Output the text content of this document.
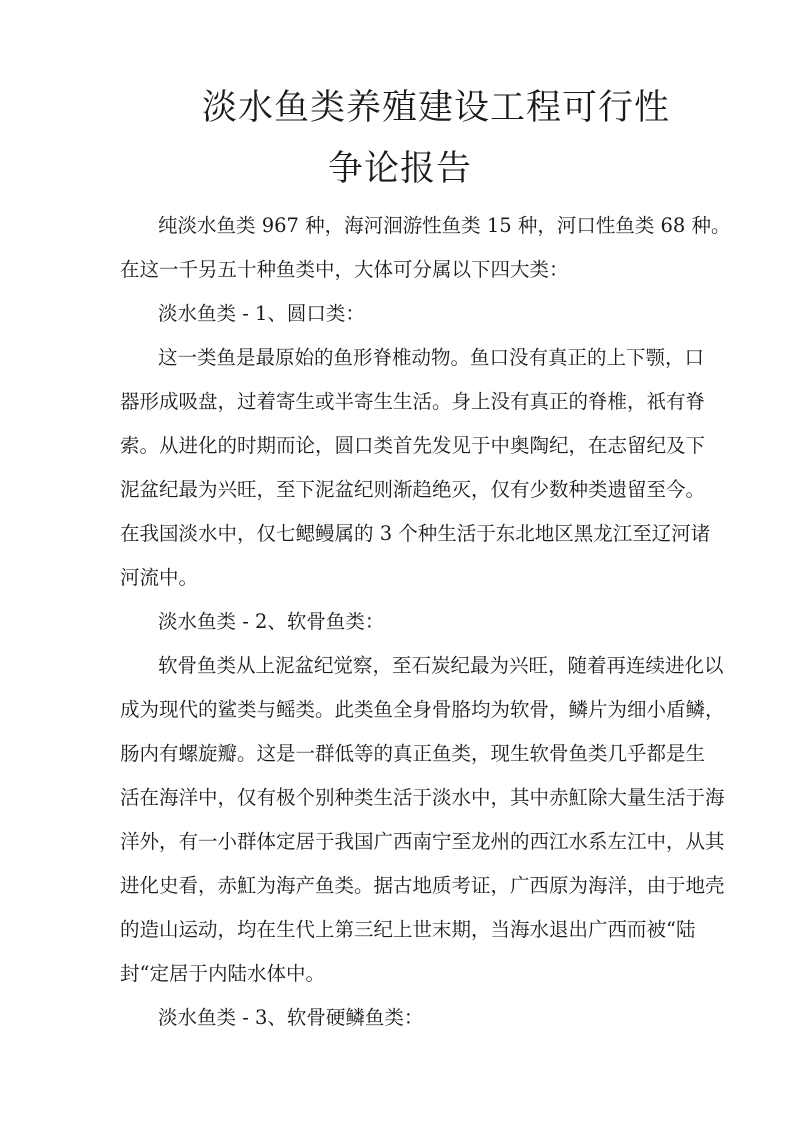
淡水鱼类养殖建设工程可行性
争论报告
纯淡水鱼类 967 种，海河洄游性鱼类 15 种，河口性鱼类 68 种。
在这一千另五十种鱼类中，大体可分属以下四大类：
淡水鱼类 - 1、圆口类：
这一类鱼是最原始的鱼形脊椎动物。鱼口没有真正的上下颚，口
器形成吸盘，过着寄生或半寄生生活。身上没有真正的脊椎，祇有脊
索。从进化的时期而论，圆口类首先发见于中奥陶纪，在志留纪及下
泥盆纪最为兴旺，至下泥盆纪则渐趋绝灭，仅有少数种类遗留至今。
在我国淡水中，仅七鳃鳗属的 3 个种生活于东北地区黑龙江至辽河诸
河流中。
淡水鱼类 - 2、软骨鱼类：
软骨鱼类从上泥盆纪觉察，至石炭纪最为兴旺，随着再连续进化以
成为现代的鲨类与鳐类。此类鱼全身骨胳均为软骨，鳞片为细小盾鳞，
肠内有螺旋瓣。这是一群低等的真正鱼类，现生软骨鱼类几乎都是生
活在海洋中，仅有极个别种类生活于淡水中，其中赤魟除大量生活于海
洋外，有一小群体定居于我国广西南宁至龙州的西江水系左江中，从其
进化史看，赤魟为海产鱼类。据古地质考证，广西原为海洋，由于地壳
的造山运动，均在生代上第三纪上世末期，当海水退出广西而被“陆
封“定居于内陆水体中。
淡水鱼类 - 3、软骨硬鳞鱼类：
